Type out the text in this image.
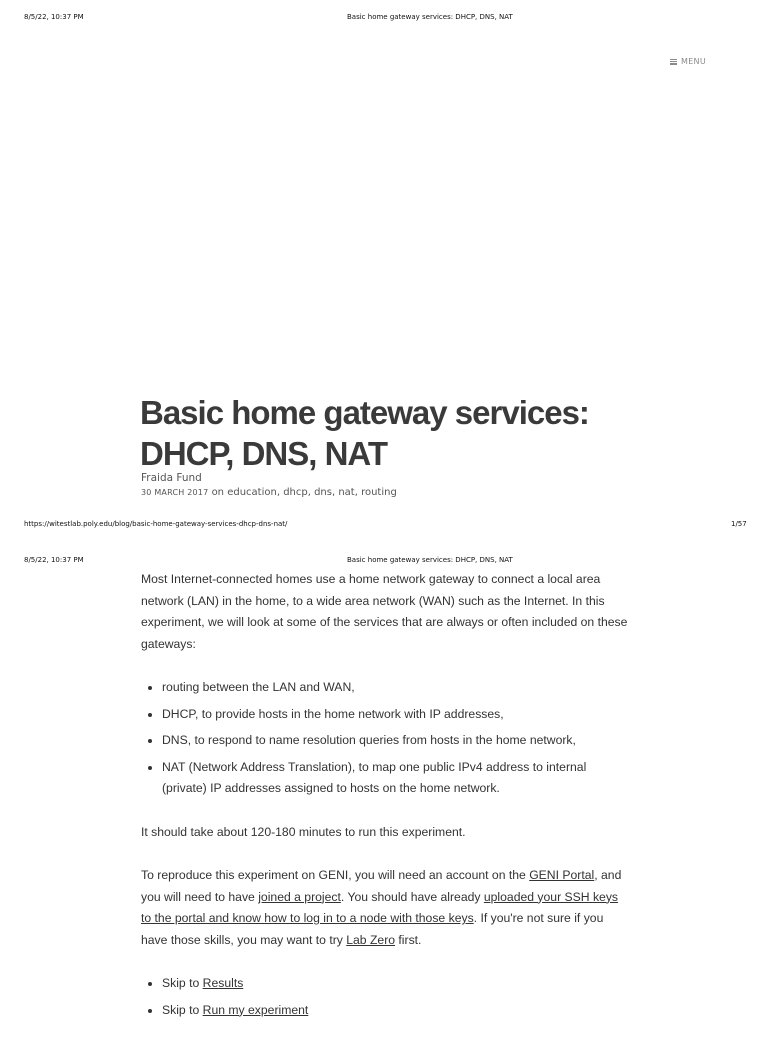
8/5/22, 10:37 PM	Basic home gateway services: DHCP, DNS, NAT
MENU
Basic home gateway services: DHCP, DNS, NAT
Fraida Fund
30 MARCH 2017 on education, dhcp, dns, nat, routing
https://witestlab.poly.edu/blog/basic-home-gateway-services-dhcp-dns-nat/	1/57
8/5/22, 10:37 PM	Basic home gateway services: DHCP, DNS, NAT

Most Internet-connected homes use a home network gateway to connect a local area network (LAN) in the home, to a wide area network (WAN) such as the Internet. In this experiment, we will look at some of the services that are always or often included on these gateways:

• routing between the LAN and WAN,
• DHCP, to provide hosts in the home network with IP addresses,
• DNS, to respond to name resolution queries from hosts in the home network,
• NAT (Network Address Translation), to map one public IPv4 address to internal (private) IP addresses assigned to hosts on the home network.

It should take about 120-180 minutes to run this experiment.

To reproduce this experiment on GENI, you will need an account on the GENI Portal, and you will need to have joined a project. You should have already uploaded your SSH keys to the portal and know how to log in to a node with those keys. If you're not sure if you have those skills, you may want to try Lab Zero first.

• Skip to Results
• Skip to Run my experiment
